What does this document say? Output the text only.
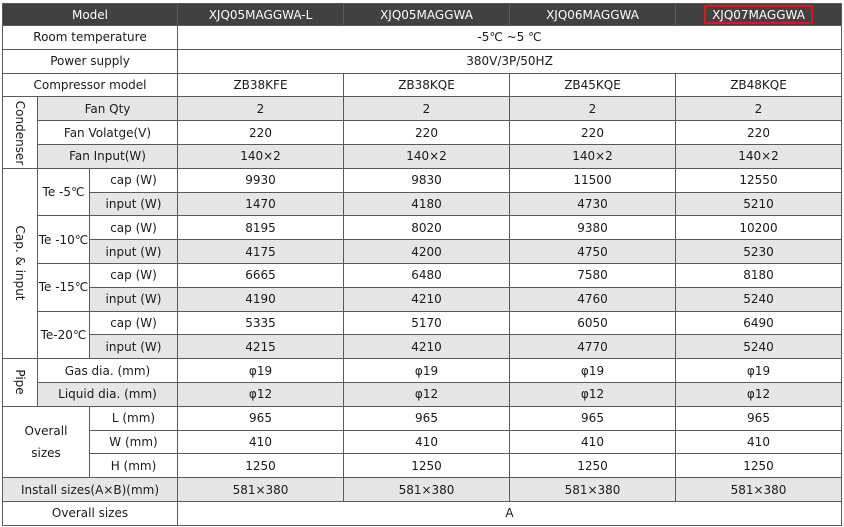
Model			XJQ05MAGGWA-L	XJQ05MAGGWA	XJQ06MAGGWA	XJQ07MAGGWA
Room temperature			-5℃ ~5 ℃			
Power supply			380V/3P/50HZ			
Compressor model			ZB38KFE	ZB38KQE	ZB45KQE	ZB48KQE

Condenser	Fan Qty		2	2	2	2
	Fan Volatge(V)		220	220	220	220
	Fan Input(W)		140×2	140×2	140×2	140×2

Cap. & input	Te -5℃	cap (W)	9930	9830	11500	12550
		input (W)	1470	4180	4730	5210
	Te -10℃	cap (W)	8195	8020	9380	10200
		input (W)	4175	4200	4750	5230
	Te -15℃	cap (W)	6665	6480	7580	8180
		input (W)	4190	4210	4760	5240
	Te-20℃	cap (W)	5335	5170	6050	6490
		input (W)	4215	4210	4770	5240

Pipe	Gas dia. (mm)		φ19	φ19	φ19	φ19
	Liquid dia. (mm)		φ12	φ12	φ12	φ12

Overall
sizes		L (mm)	965	965	965	965
		W (mm)	410	410	410	410
		H (mm)	1250	1250	1250	1250
Install sizes(A×B)(mm)			581×380	581×380	581×380	581×380
Overall sizes			A			
